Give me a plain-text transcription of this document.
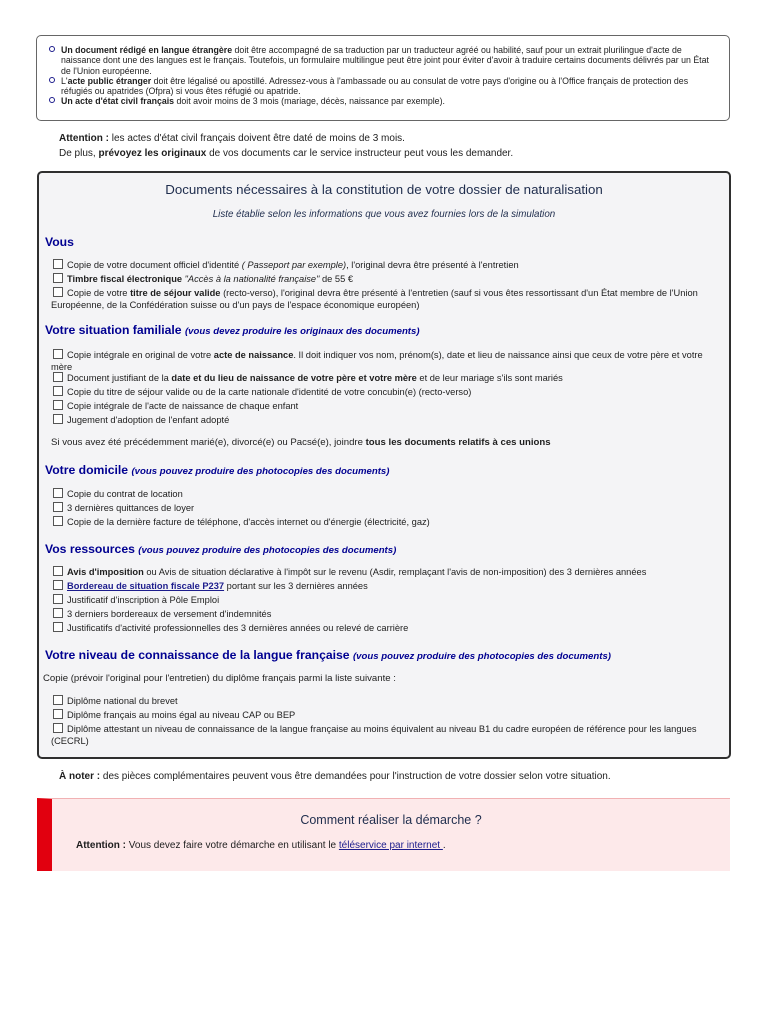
Un document rédigé en langue étrangère doit être accompagné de sa traduction par un traducteur agréé ou habilité, sauf pour un extrait plurilingue d'acte de naissance dont une des langues est le français. Toutefois, un formulaire multilingue peut être joint pour éviter d'avoir à traduire certains documents délivrés par un État de l'Union européenne.
L'acte public étranger doit être légalisé ou apostillé. Adressez-vous à l'ambassade ou au consulat de votre pays d'origine ou à l'Office français de protection des réfugiés ou apatrides (Ofpra) si vous êtes réfugié ou apatride.
Un acte d'état civil français doit avoir moins de 3 mois (mariage, décès, naissance par exemple).
Attention : les actes d'état civil français doivent être daté de moins de 3 mois.
De plus, prévoyez les originaux de vos documents car le service instructeur peut vous les demander.
Documents nécessaires à la constitution de votre dossier de naturalisation
Liste établie selon les informations que vous avez fournies lors de la simulation
Vous
Copie de votre document officiel d'identité ( Passeport par exemple), l'original devra être présenté à l'entretien
Timbre fiscal électronique "Accès à la nationalité française" de 55 €
Copie de votre titre de séjour valide (recto-verso), l'original devra être présenté à l'entretien (sauf si vous êtes ressortissant d'un État membre de l'Union Européenne, de la Confédération suisse ou d'un pays de l'espace économique européen)
Votre situation familiale (vous devez produire les originaux des documents)
Copie intégrale en original de votre acte de naissance. Il doit indiquer vos nom, prénom(s), date et lieu de naissance ainsi que ceux de votre père et votre mère
Document justifiant de la date et du lieu de naissance de votre père et votre mère et de leur mariage s'ils sont mariés
Copie du titre de séjour valide ou de la carte nationale d'identité de votre concubin(e) (recto-verso)
Copie intégrale de l'acte de naissance de chaque enfant
Jugement d'adoption de l'enfant adopté
Si vous avez été précédemment marié(e), divorcé(e) ou Pacsé(e), joindre tous les documents relatifs à ces unions
Votre domicile (vous pouvez produire des photocopies des documents)
Copie du contrat de location
3 dernières quittances de loyer
Copie de la dernière facture de téléphone, d'accès internet ou d'énergie (électricité, gaz)
Vos ressources (vous pouvez produire des photocopies des documents)
Avis d'imposition ou Avis de situation déclarative à l'impôt sur le revenu (Asdir, remplaçant l'avis de non-imposition) des 3 dernières années
Bordereau de situation fiscale P237 portant sur les 3 dernières années
Justificatif d'inscription à Pôle Emploi
3 derniers bordereaux de versement d'indemnités
Justificatifs d'activité professionnelles des 3 dernières années ou relevé de carrière
Votre niveau de connaissance de la langue française (vous pouvez produire des photocopies des documents)
Copie (prévoir l'original pour l'entretien) du diplôme français parmi la liste suivante :
Diplôme national du brevet
Diplôme français au moins égal au niveau CAP ou BEP
Diplôme attestant un niveau de connaissance de la langue française au moins équivalent au niveau B1 du cadre européen de référence pour les langues (CECRL)
À noter : des pièces complémentaires peuvent vous être demandées pour l'instruction de votre dossier selon votre situation.
Comment réaliser la démarche ?
Attention : Vous devez faire votre démarche en utilisant le téléservice par internet .
